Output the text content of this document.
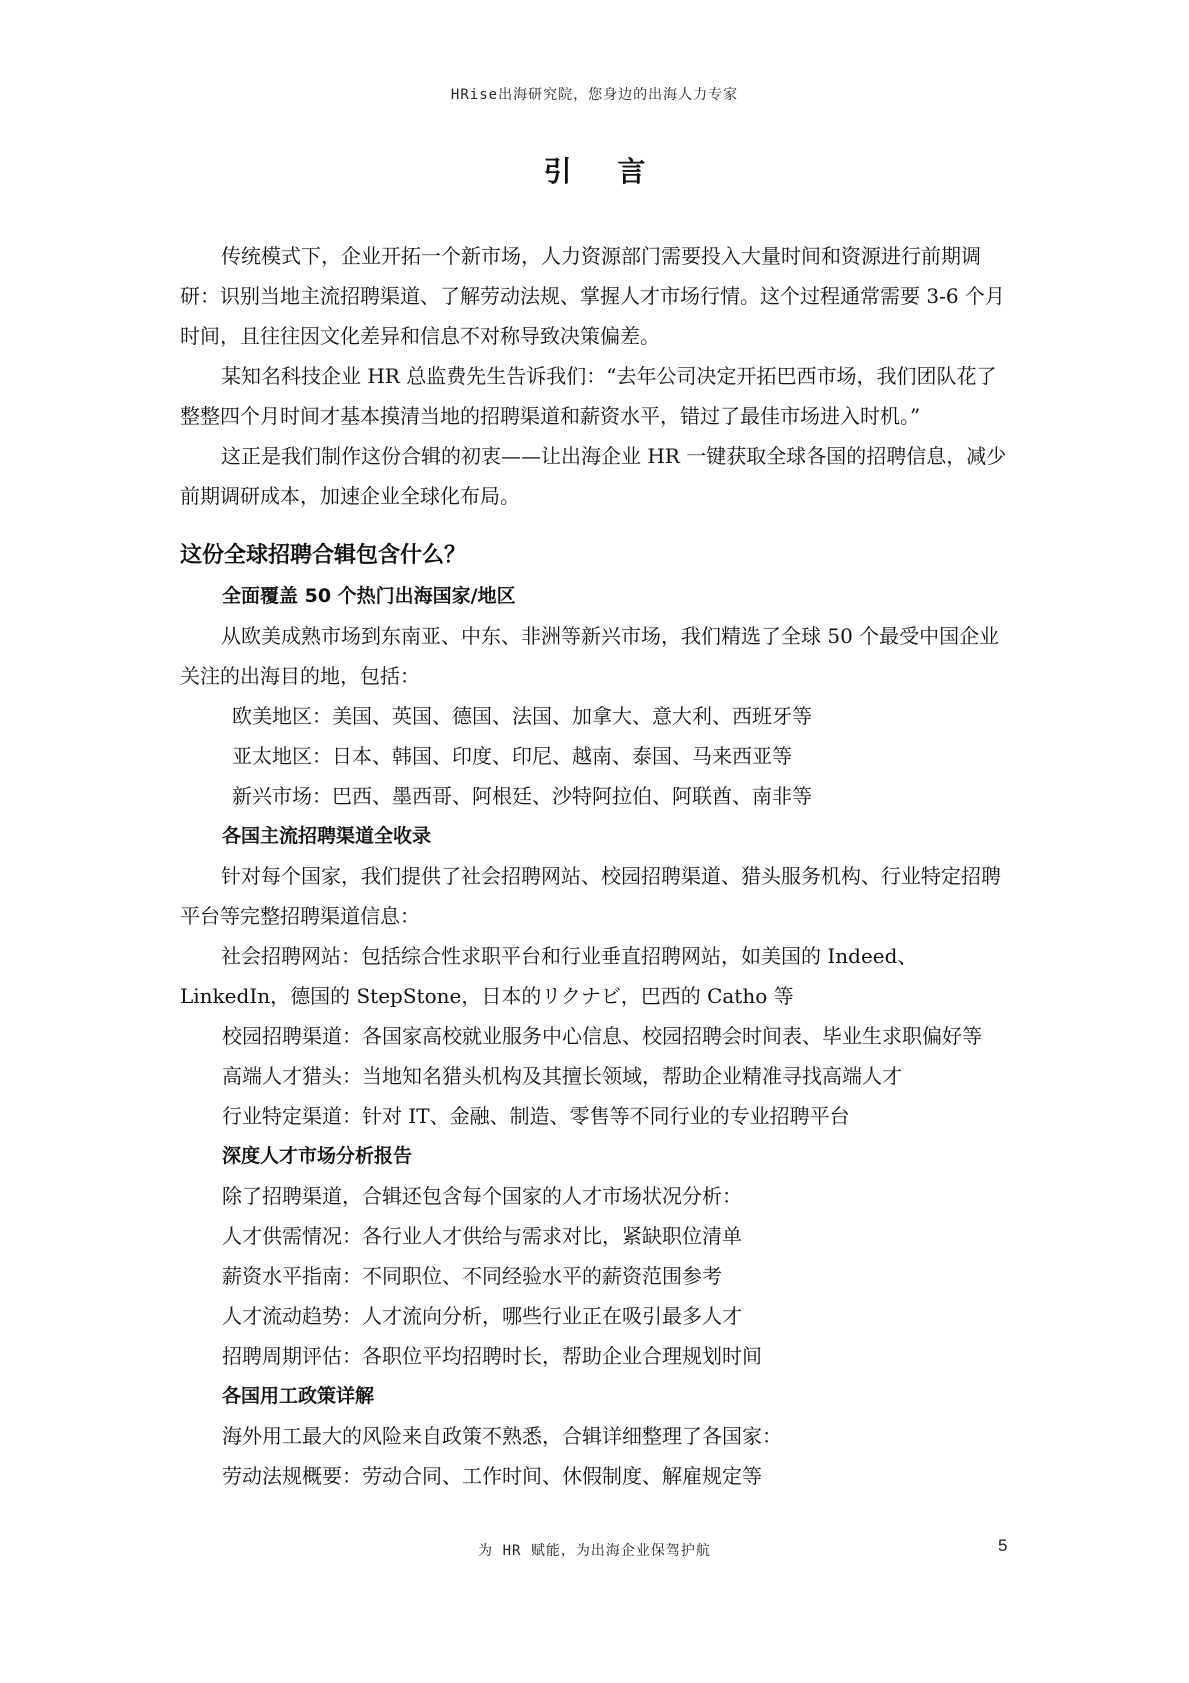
HRise出海研究院，您身边的出海人力专家
引 言

传统模式下，企业开拓一个新市场，人力资源部门需要投入大量时间和资源进行前期调研：识别当地主流招聘渠道、了解劳动法规、掌握人才市场行情。这个过程通常需要 3-6 个月时间，且往往因文化差异和信息不对称导致决策偏差。

某知名科技企业 HR 总监费先生告诉我们：“去年公司决定开拓巴西市场，我们团队花了整整四个月时间才基本摸清当地的招聘渠道和薪资水平，错过了最佳市场进入时机。”

这正是我们制作这份合辑的初衷——让出海企业 HR 一键获取全球各国的招聘信息，减少前期调研成本，加速企业全球化布局。

这份全球招聘合辑包含什么？

全面覆盖 50 个热门出海国家/地区

从欧美成熟市场到东南亚、中东、非洲等新兴市场，我们精选了全球 50 个最受中国企业关注的出海目的地，包括：

欧美地区：美国、英国、德国、法国、加拿大、意大利、西班牙等

亚太地区：日本、韩国、印度、印尼、越南、泰国、马来西亚等

新兴市场：巴西、墨西哥、阿根廷、沙特阿拉伯、阿联酋、南非等

各国主流招聘渠道全收录

针对每个国家，我们提供了社会招聘网站、校园招聘渠道、猎头服务机构、行业特定招聘平台等完整招聘渠道信息：

社会招聘网站：包括综合性求职平台和行业垂直招聘网站，如美国的 Indeed、LinkedIn，德国的 StepStone，日本的リクナビ，巴西的 Catho 等

校园招聘渠道：各国家高校就业服务中心信息、校园招聘会时间表、毕业生求职偏好等

高端人才猎头：当地知名猎头机构及其擅长领域，帮助企业精准寻找高端人才

行业特定渠道：针对 IT、金融、制造、零售等不同行业的专业招聘平台

深度人才市场分析报告

除了招聘渠道，合辑还包含每个国家的人才市场状况分析：

人才供需情况：各行业人才供给与需求对比，紧缺职位清单

薪资水平指南：不同职位、不同经验水平的薪资范围参考

人才流动趋势：人才流向分析，哪些行业正在吸引最多人才

招聘周期评估：各职位平均招聘时长，帮助企业合理规划时间

各国用工政策详解

海外用工最大的风险来自政策不熟悉，合辑详细整理了各国家：

劳动法规概要：劳动合同、工作时间、休假制度、解雇规定等

为 HR 赋能，为出海企业保驾护航	5
